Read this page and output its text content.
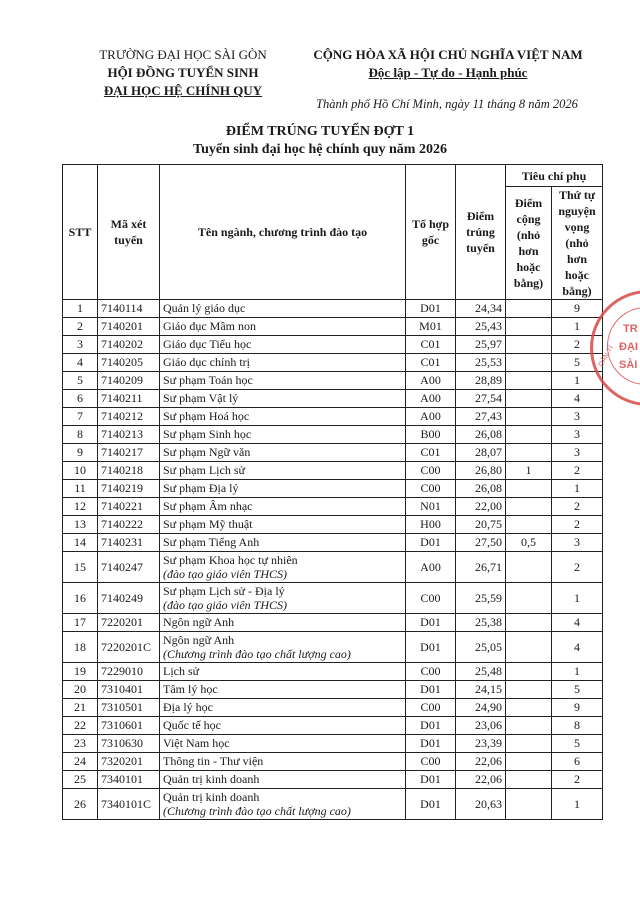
TRƯỜNG ĐẠI HỌC SÀI GÒN
HỘI ĐỒNG TUYỂN SINH
ĐẠI HỌC HỆ CHÍNH QUY
CỘNG HÒA XÃ HỘI CHỦ NGHĨA VIỆT NAM
Độc lập - Tự do - Hạnh phúc
Thành phố Hồ Chí Minh, ngày 11 tháng 8 năm 2026
ĐIỂM TRÚNG TUYỂN ĐỢT 1
Tuyển sinh đại học hệ chính quy năm 2026
STT	Mã xét tuyển	Tên ngành, chương trình đào tạo	Tổ hợp gốc	Điểm trúng tuyển	Tiêu chí phụ	
					Điểm cộng (nhỏ hơn hoặc bằng)	Thứ tự nguyện vọng (nhỏ hơn hoặc bằng)
1	7140114	Quản lý giáo dục	D01	24,34		9
2	7140201	Giáo dục Mầm non	M01	25,43		1
3	7140202	Giáo dục Tiểu học	C01	25,97		2
4	7140205	Giáo dục chính trị	C01	25,53		5
5	7140209	Sư phạm Toán học	A00	28,89		1
6	7140211	Sư phạm Vật lý	A00	27,54		4
7	7140212	Sư phạm Hoá học	A00	27,43		3
8	7140213	Sư phạm Sinh học	B00	26,08		3
9	7140217	Sư phạm Ngữ văn	C01	28,07		3
10	7140218	Sư phạm Lịch sử	C00	26,80	1	2
11	7140219	Sư phạm Địa lý	C00	26,08		1
12	7140221	Sư phạm Âm nhạc	N01	22,00		2
13	7140222	Sư phạm Mỹ thuật	H00	20,75		2
14	7140231	Sư phạm Tiếng Anh	D01	27,50	0,5	3
15	7140247	Sư phạm Khoa học tự nhiên
(đào tạo giáo viên THCS)	A00	26,71		2
16	7140249	Sư phạm Lịch sử - Địa lý
(đào tạo giáo viên THCS)	C00	25,59		1
17	7220201	Ngôn ngữ Anh	D01	25,38		4
18	7220201C	Ngôn ngữ Anh
(Chương trình đào tạo chất lượng cao)	D01	25,05		4
19	7229010	Lịch sử	C00	25,48		1
20	7310401	Tâm lý học	D01	24,15		5
21	7310501	Địa lý học	C00	24,90		9
22	7310601	Quốc tế học	D01	23,06		8
23	7310630	Việt Nam học	D01	23,39		5
24	7320201	Thông tin - Thư viện	C00	22,06		6
25	7340101	Quản trị kinh doanh	D01	22,06		2
26	7340101C	Quản trị kinh doanh
(Chương trình đào tạo chất lượng cao)	D01	20,63		1
DÂN TỈ
TR
ĐẠI
SÀI
